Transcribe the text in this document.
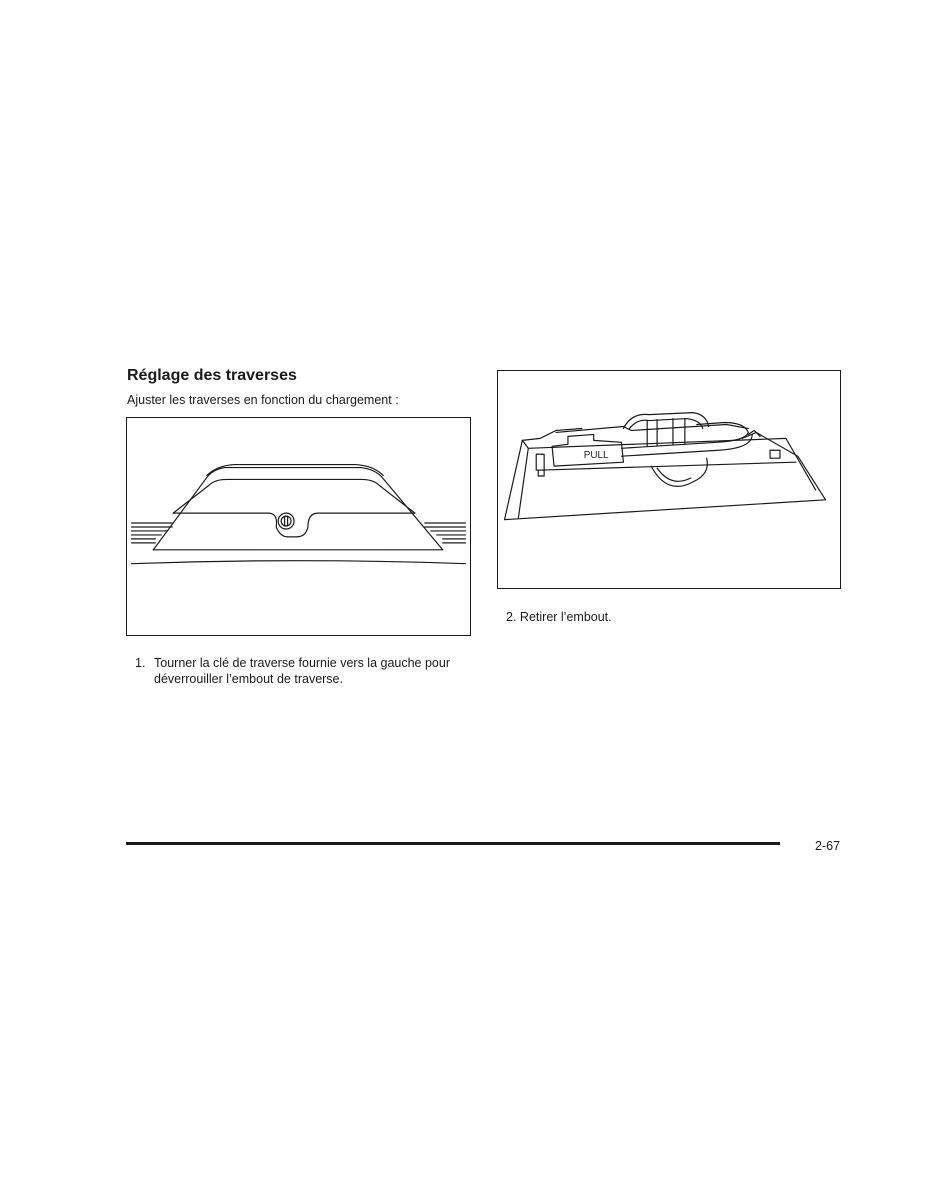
Réglage des traverses

Ajuster les traverses en fonction du chargement :

PULL
1. Tourner la clé de traverse fournie vers la gauche pour déverrouiller l’embout de traverse.
2. Retirer l’embout.
2-67
